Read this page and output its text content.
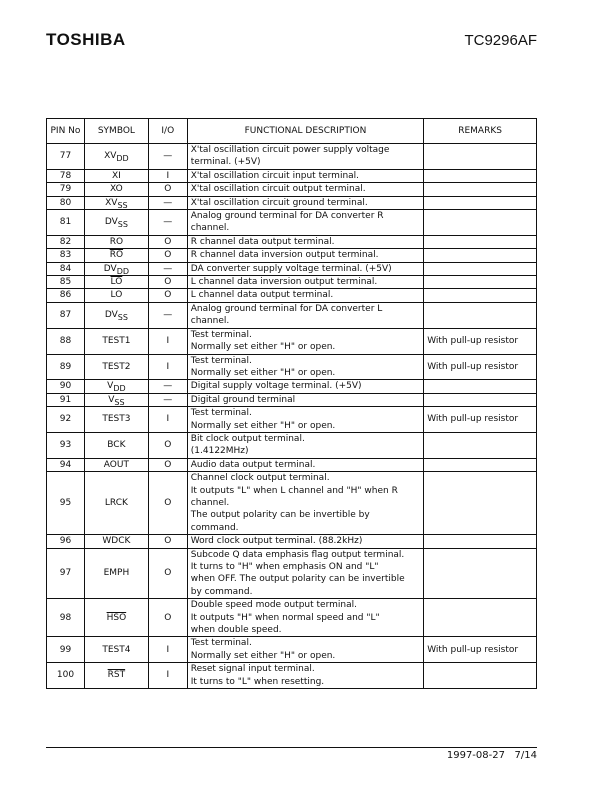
TOSHIBA	TC9296AF
PIN No	SYMBOL	I/O	FUNCTIONAL DESCRIPTION	REMARKS
77	$XV_{DD}$	—	X'tal oscillation circuit power supply voltage
terminal. (+5V)	

78	XI	I	X'tal oscillation circuit input terminal.	

79	XO	O	X'tal oscillation circuit output terminal.	

80	$XV_{SS}$	—	X'tal oscillation circuit ground terminal.	

81	$DV_{SS}$	—	Analog ground terminal for DA converter R
channel.	

82	RO	O	R channel data output terminal.	

83	$\overline{RO}$	O	R channel data inversion output terminal.	

84	$DV_{DD}$	—	DA converter supply voltage terminal. (+5V)	

85	$\overline{LO}$	O	L channel data inversion output terminal.	

86	LO	O	L channel data output terminal.	

87	$DV_{SS}$	—	Analog ground terminal for DA converter L
channel.	

88	TEST1	I	Test terminal.
Normally set either "H" or open.	With pull-up resistor
89	TEST2	I	Test terminal.
Normally set either "H" or open.	With pull-up resistor
90	$V_{DD}$	—	Digital supply voltage terminal. (+5V)	

91	$V_{SS}$	—	Digital ground terminal	

92	TEST3	I	Test terminal.
Normally set either "H" or open.	With pull-up resistor
93	BCK	O	Bit clock output terminal.
(1.4122MHz)	

94	AOUT	O	Audio data output terminal.	

95	LRCK	O	Channel clock output terminal.
It outputs "L" when L channel and "H" when R
channel.
The output polarity can be invertible by
command.	

96	WDCK	O	Word clock output terminal. (88.2kHz)	

97	EMPH	O	Subcode Q data emphasis flag output terminal.
It turns to "H" when emphasis ON and "L"
when OFF. The output polarity can be invertible
by command.	

98	$\overline{HSO}$	O	Double speed mode output terminal.
It outputs "H" when normal speed and "L"
when double speed.	

99	TEST4	I	Test terminal.
Normally set either "H" or open.	With pull-up resistor
100	$\overline{RST}$	I	Reset signal input terminal.
It turns to "L" when resetting.	

1997-08-27 7/14
